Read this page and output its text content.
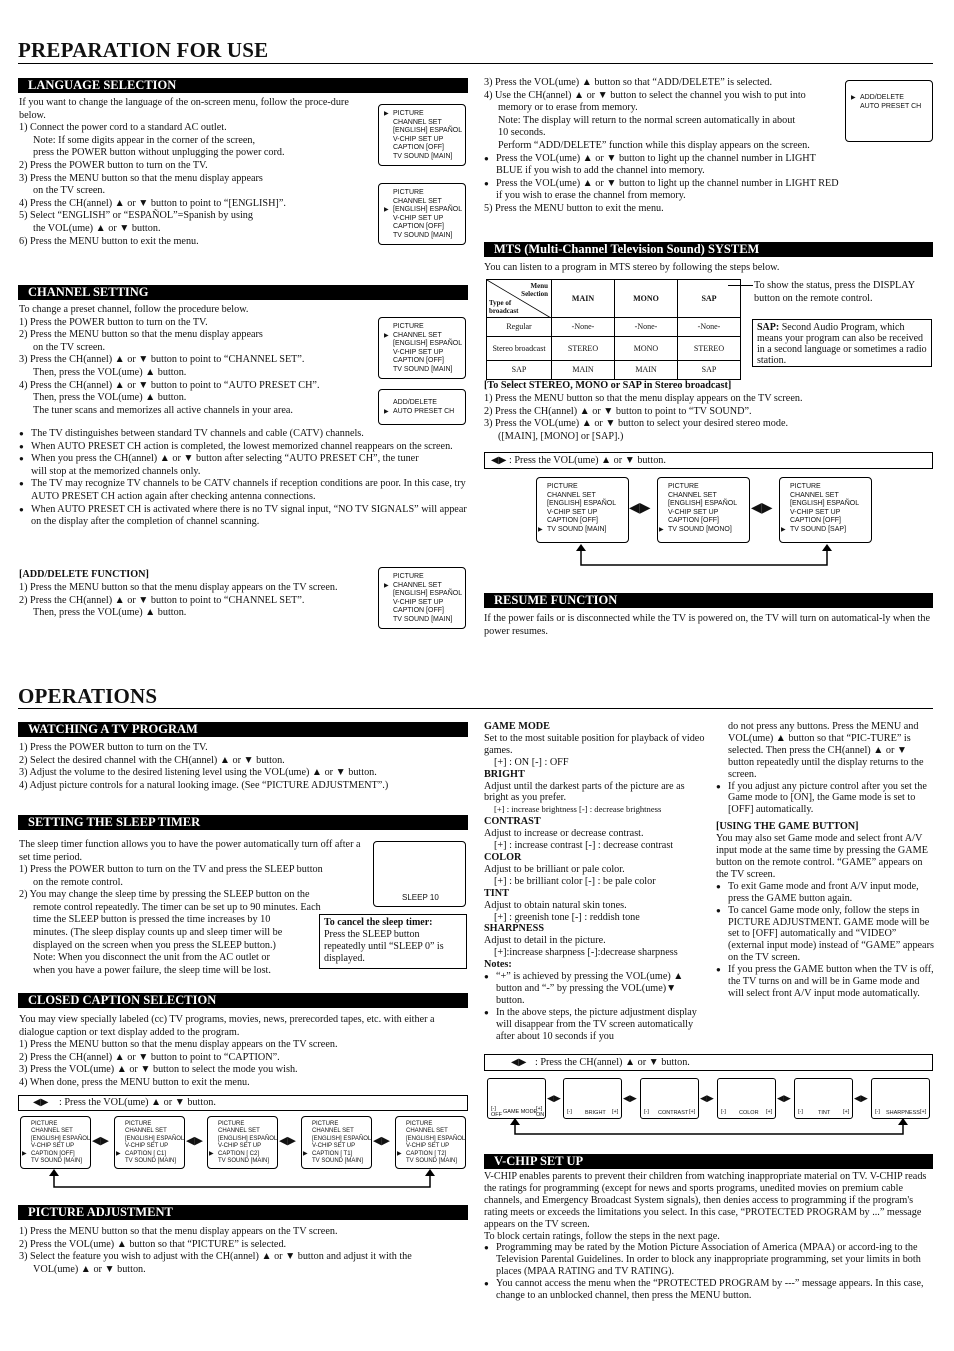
PREPARATION FOR USE
LANGUAGE SELECTION

If you want to change the language of the on-screen menu, follow the proce-dure below.

1) Connect the power cord to a standard AC outlet.
Note: If some digits appear in the corner of the screen,
press the POWER button without unplugging the power cord.
2) Press the POWER button to turn on the TV.
3) Press the MENU button so that the menu display appears
on the TV screen.
4) Press the CH(annel) ▲ or ▼ button to point to “[ENGLISH]”.
5) Select “ENGLISH” or “ESPAÑOL”=Spanish by using
the VOL(ume) ▲ or ▼ button.
6) Press the MENU button to exit the menu.
▶ PICTURE
CHANNEL SET
[ENGLISH] ESPAÑOL
V-CHIP SET UP
CAPTION [OFF]
TV SOUND [MAIN]
PICTURE
CHANNEL SET
▶ [ENGLISH] ESPAÑOL
V-CHIP SET UP
CAPTION [OFF]
TV SOUND [MAIN]
CHANNEL SETTING
To change a preset channel, follow the procedure below.
1) Press the POWER button to turn on the TV.
2) Press the MENU button so that the menu display appears
on the TV screen.
3) Press the CH(annel) ▲ or ▼ button to point to “CHANNEL SET”.
Then, press the VOL(ume) ▲ button.
4) Press the CH(annel) ▲ or ▼ button to point to “AUTO PRESET CH”.
Then, press the VOL(ume) ▲ button.
The tuner scans and memorizes all active channels in your area.
● The TV distinguishes between standard TV channels and cable (CATV) channels.
● When AUTO PRESET CH action is completed, the lowest memorized channel reappears on the screen.
● When you press the CH(annel) ▲ or ▼ button after selecting “AUTO PRESET CH”, the tuner will stop at the memorized channels only.
● The TV may recognize TV channels to be CATV channels if reception conditions are poor. In this case, try AUTO PRESET CH action again after checking antenna connections.
● When AUTO PRESET CH is activated where there is no TV signal input, “NO TV SIGNALS” will appear on the display after the completion of channel scanning.
PICTURE
▶ CHANNEL SET
[ENGLISH] ESPAÑOL
V-CHIP SET UP
CAPTION [OFF]
TV SOUND [MAIN]
ADD/DELETE
▶ AUTO PRESET CH
[ADD/DELETE FUNCTION]
1) Press the MENU button so that the menu display appears on the TV screen.
2) Press the CH(annel) ▲ or ▼ button to point to “CHANNEL SET”.
Then, press the VOL(ume) ▲ button.
PICTURE
▶ CHANNEL SET
[ENGLISH] ESPAÑOL
V-CHIP SET UP
CAPTION [OFF]
TV SOUND [MAIN]
3) Press the VOL(ume) ▲ button so that “ADD/DELETE” is selected.
4) Use the CH(annel) ▲ or ▼ button to select the channel you wish to put into
memory or to erase from memory.
Note: The display will return to the normal screen automatically in about
10 seconds.
Perform “ADD/DELETE” function while this display appears on the screen.
● Press the VOL(ume) ▲ or ▼ button to light up the channel number in LIGHT BLUE if you wish to add the channel into memory.
● Press the VOL(ume) ▲ or ▼ button to light up the channel number in LIGHT RED if you wish to erase the channel from memory.
5) Press the MENU button to exit the menu.
▶ ADD/DELETE
AUTO PRESET CH
MTS (Multi-Channel Television Sound) SYSTEM
You can listen to a program in MTS stereo by following the steps below.
Menu Selection
Type of broadcast	MAIN	MONO	SAP
Regular	-None-	-None-	-None-
Stereo broadcast	STEREO	MONO	STEREO
SAP	MAIN	MAIN	SAP
To show the status, press the DISPLAY button on the remote control.
SAP: Second Audio Program, which means your program can also be received in a second language or sometimes a radio station.
[To Select STEREO, MONO or SAP in Stereo broadcast]
1) Press the MENU button so that the menu display appears on the TV screen.
2) Press the CH(annel) ▲ or ▼ button to point to “TV SOUND”.
3) Press the VOL(ume) ▲ or ▼ button to select your desired stereo mode.
([MAIN], [MONO] or [SAP].)
◀▶ : Press the VOL(ume) ▲ or ▼ button.
PICTURE
CHANNEL SET
[ENGLISH] ESPAÑOL
V-CHIP SET UP
CAPTION [OFF]
▶ TV SOUND [MAIN]
PICTURE
CHANNEL SET
[ENGLISH] ESPAÑOL
V-CHIP SET UP
CAPTION [OFF]
▶ TV SOUND [MONO]
PICTURE
CHANNEL SET
[ENGLISH] ESPAÑOL
V-CHIP SET UP
CAPTION [OFF]
▶ TV SOUND [SAP]
◀▶	◀▶
RESUME FUNCTION
If the power fails or is disconnected while the TV is powered on, the TV will turn on automatical-ly when the power resumes.
OPERATIONS
WATCHING A TV PROGRAM
1) Press the POWER button to turn on the TV.
2) Select the desired channel with the CH(annel) ▲ or ▼ button.
3) Adjust the volume to the desired listening level using the VOL(ume) ▲ or ▼ button.
4) Adjust picture controls for a natural looking image. (See “PICTURE ADJUSTMENT”.)
SETTING THE SLEEP TIMER
The sleep timer function allows you to have the power automatically turn off after a set time period.
1) Press the POWER button to turn on the TV and press the SLEEP button
on the remote control.
2) You may change the sleep time by pressing the SLEEP button on the
remote control repeatedly. The timer can be set up to 90 minutes. Each
time the SLEEP button is pressed the time increases by 10
minutes. (The sleep display counts up and sleep timer will be
displayed on the screen when you press the SLEEP button.)
Note: When you disconnect the unit from the AC outlet or
when you have a power failure, the sleep time will be lost.
SLEEP 10
To cancel the sleep timer:
Press the SLEEP button repeatedly until “SLEEP 0” is displayed.
CLOSED CAPTION SELECTION
You may view specially labeled (cc) TV programs, movies, news, prerecorded tapes, etc. with either a dialogue caption or text display added to the program.
1) Press the MENU button so that the menu display appears on the TV screen.
2) Press the CH(annel) ▲ or ▼ button to point to “CAPTION”.
3) Press the VOL(ume) ▲ or ▼ button to select the mode you wish.
4) When done, press the MENU button to exit the menu.
◀▶ : Press the VOL(ume) ▲ or ▼ button.
PICTURE
CHANNEL SET
[ENGLISH] ESPAÑOL
V-CHIP SET UP
▶ CAPTION [OFF]
TV SOUND [MAIN]
PICTURE
CHANNEL SET
[ENGLISH] ESPAÑOL
V-CHIP SET UP
▶ CAPTION [ C1]
TV SOUND [MAIN]
PICTURE
CHANNEL SET
[ENGLISH] ESPAÑOL
V-CHIP SET UP
▶ CAPTION [ C2]
TV SOUND [MAIN]
PICTURE
CHANNEL SET
[ENGLISH] ESPAÑOL
V-CHIP SET UP
▶ CAPTION [ T1]
TV SOUND [MAIN]
PICTURE
CHANNEL SET
[ENGLISH] ESPAÑOL
V-CHIP SET UP
▶ CAPTION [ T2]
TV SOUND [MAIN]
◀▶	◀▶	◀▶	◀▶
PICTURE ADJUSTMENT
1) Press the MENU button so that the menu display appears on the TV screen.
2) Press the VOL(ume) ▲ button so that “PICTURE” is selected.
3) Select the feature you wish to adjust with the CH(annel) ▲ or ▼ button and adjust it with the
VOL(ume) ▲ or ▼ button.
GAME MODE
Set to the most suitable position for playback of video games.
[+] : ON [-] : OFF
BRIGHT
Adjust until the darkest parts of the picture are as bright as you prefer.
[+] : increase brightness [-] : decrease brightness
CONTRAST
Adjust to increase or decrease contrast.
[+] : increase contrast [-] : decrease contrast
COLOR
Adjust to be brilliant or pale color.
[+] : be brilliant color [-] : be pale color
TINT
Adjust to obtain natural skin tones.
[+] : greenish tone [-] : reddish tone
SHARPNESS
Adjust to detail in the picture.
[+]:increase sharpness [-]:decrease sharpness
Notes:
● “+” is achieved by pressing the VOL(ume) ▲ button and “-” by pressing the VOL(ume)▼ button.
● In the above steps, the picture adjustment display will disappear from the TV screen automatically after about 10 seconds if you
do not press any buttons. Press the MENU and VOL(ume) ▲ button so that “PIC-TURE” is selected. Then press the CH(annel) ▲ or ▼ button repeatedly until the display returns to the screen.
● If you adjust any picture control after you set the Game mode to [ON], the Game mode is set to [OFF] automatically.
[USING THE GAME BUTTON]
You may also set Game mode and select front A/V input mode at the same time by pressing the GAME button on the remote control. “GAME” appears on the TV screen.
● To exit Game mode and front A/V input mode, press the GAME button again.
● To cancel Game mode only, follow the steps in PICTURE ADJUSTMENT. GAME mode will be set to [OFF] automatically and “VIDEO” (external input mode) instead of “GAME” appears on the TV screen.
● If you press the GAME button when the TV is off, the TV turns on and will be in Game mode and will select front A/V input mode automatically.
◀▶ : Press the CH(annel) ▲ or ▼ button.
[-] OFF GAME MODE
[+] ON	[-] BRIGHT [+]	[-] CONTRAST [+]	[-] COLOR [+]	[-]	TINT [+]	[-] SHARPNESS [+]
◀▶	◀▶	◀▶	◀▶	◀▶
V-CHIP SET UP
V-CHIP enables parents to prevent their children from watching inappropriate material on TV. V-CHIP reads the ratings for programming (except for news and sports programs, unedited movies on premium cable channels, and Emergency Broadcast System signals), then denies access to programming if the program's rating meets or exceeds the limitations you select. In this case, “PROTECTED PROGRAM by ...” message appears on the TV screen.
To block certain ratings, follow the steps in the next page.
● Programming may be rated by the Motion Picture Association of America (MPAA) or accord-ing to the Television Parental Guidelines. In order to block any inappropriate programming, set your limits in both places (MPAA RATING and TV RATING).
● You cannot access the menu when the “PROTECTED PROGRAM by ---” message appears. In this case, change to an unblocked channel, then press the MENU button.
